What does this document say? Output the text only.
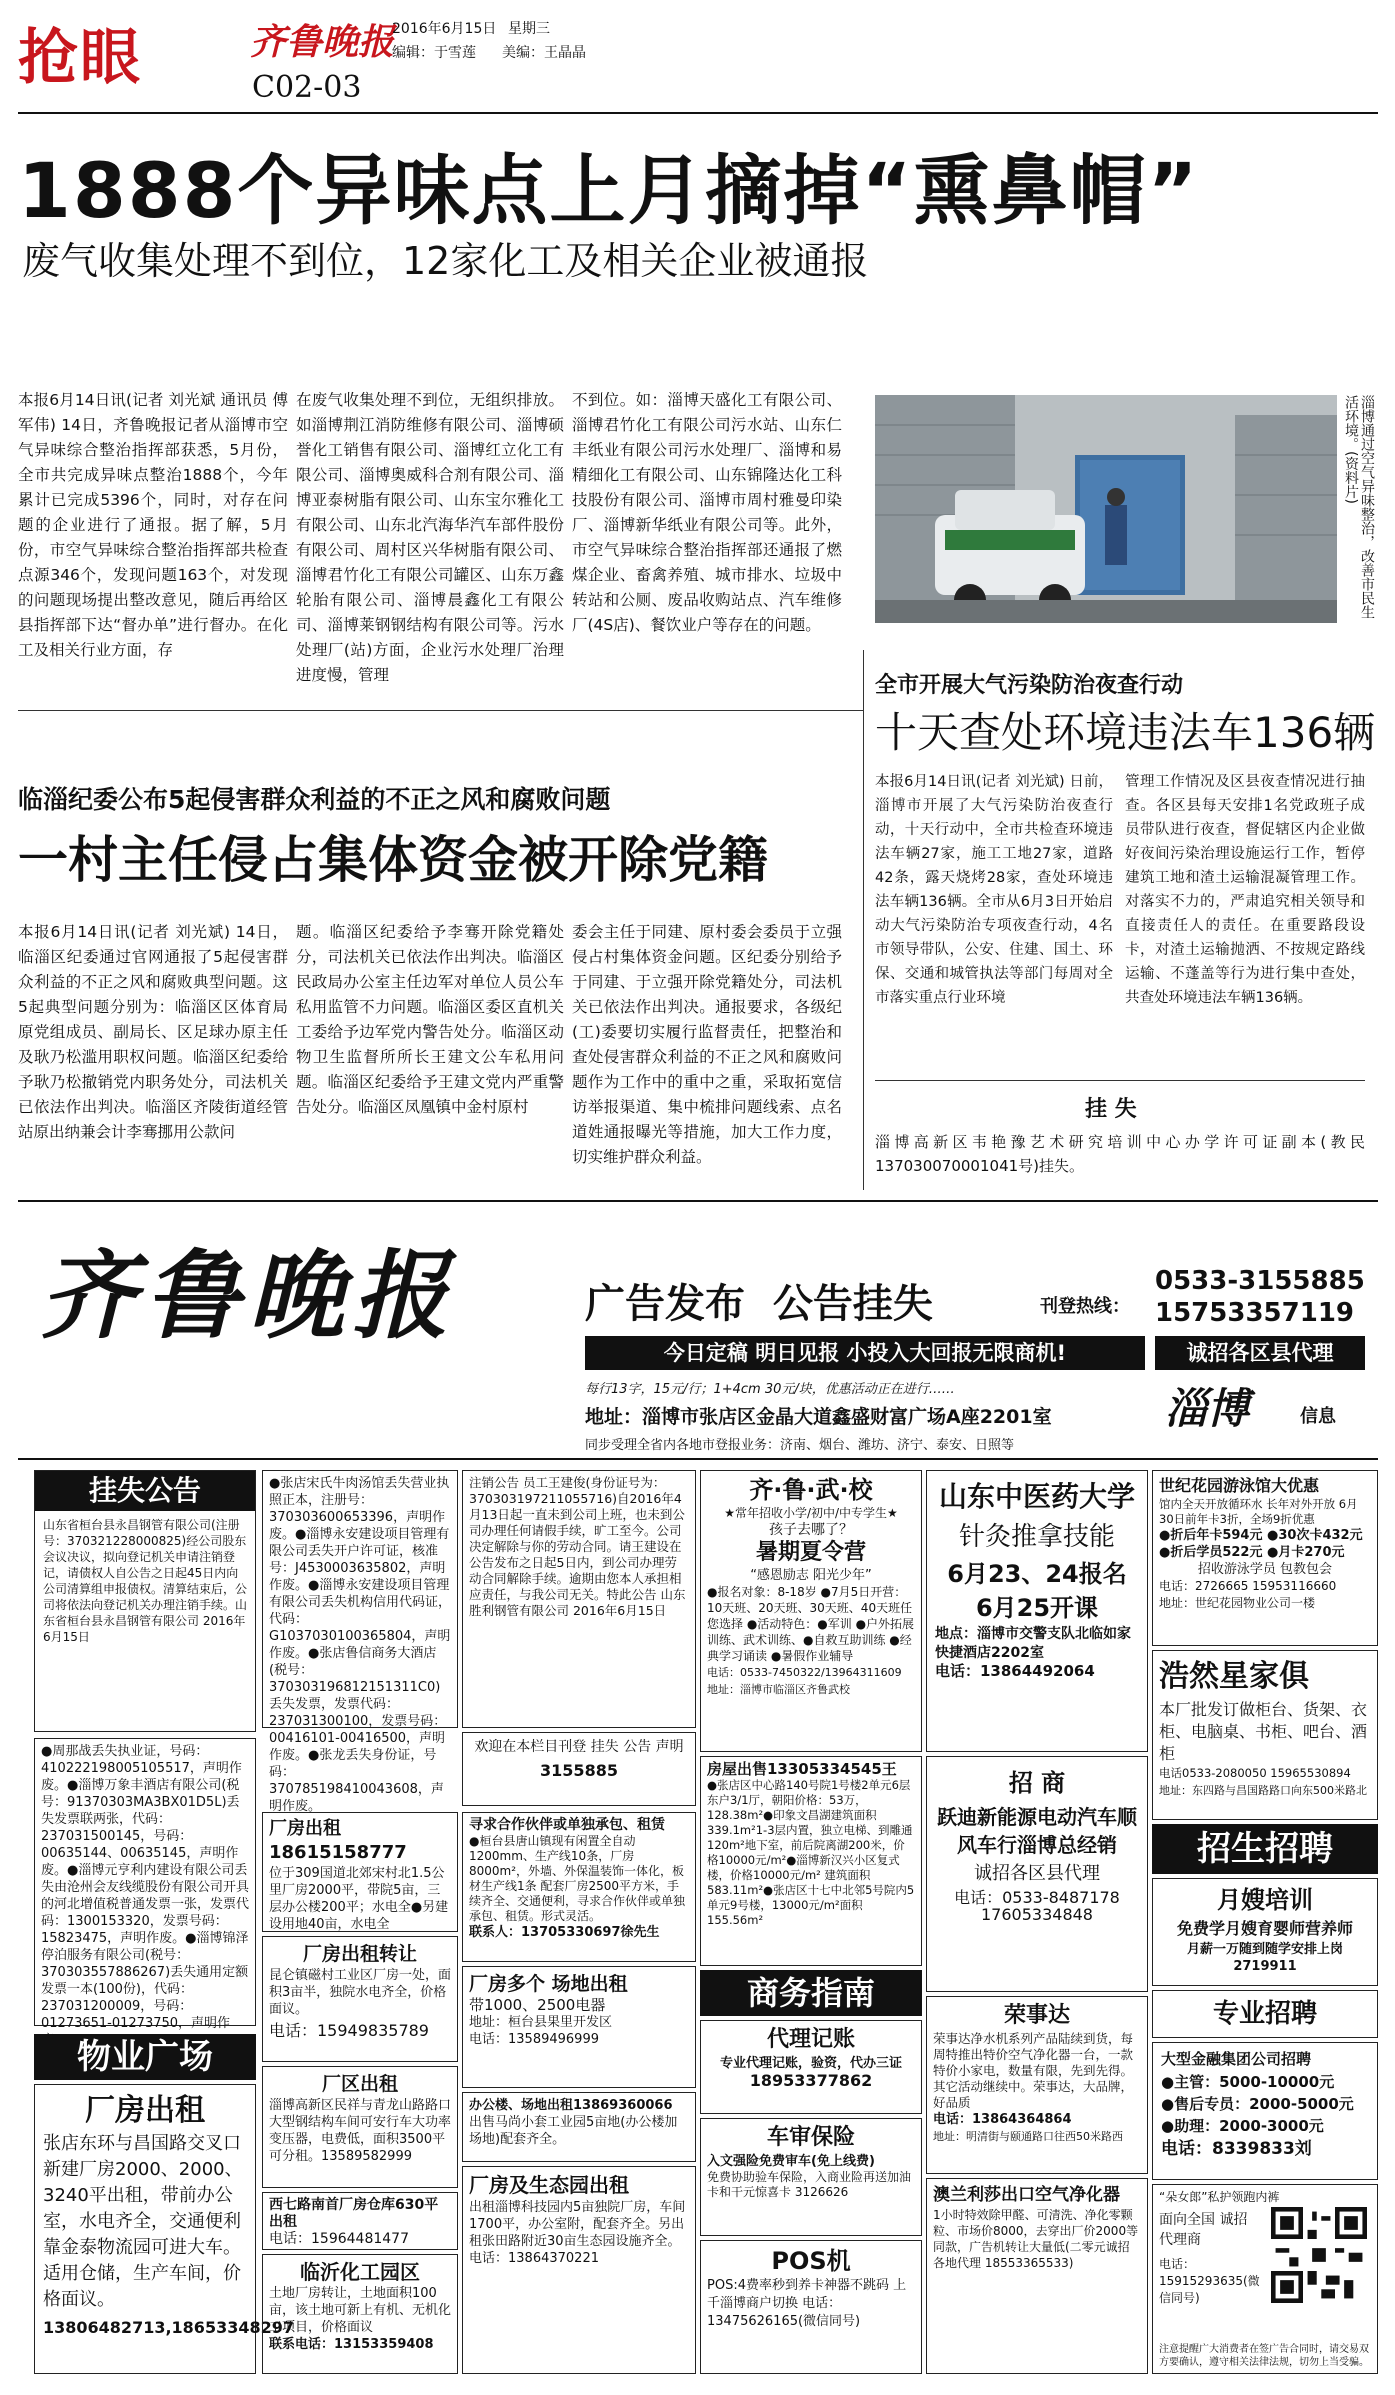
抢眼	齐鲁晚报
2016年6月15日 星期三
编辑：于雪莲 美编：王晶晶
C02-03
1888个异味点上月摘掉“熏鼻帽”
废气收集处理不到位，12家化工及相关企业被通报
本报6月14日讯(记者 刘光斌 通讯员 傅军伟) 14日，齐鲁晚报记者从淄博市空气异味综合整治指挥部获悉，5月份，全市共完成异味点整治1888个，今年累计已完成5396个，同时，对存在问题的企业进行了通报。据了解，5月份，市空气异味综合整治指挥部共检查点源346个，发现问题163个，对发现的问题现场提出整改意见，随后再给区县指挥部下达“督办单”进行督办。在化工及相关行业方面，存
在废气收集处理不到位，无组织排放。如淄博荆江消防维修有限公司、淄博硕誉化工销售有限公司、淄博红立化工有限公司、淄博奥威科合剂有限公司、淄博亚泰树脂有限公司、山东宝尔雅化工有限公司、山东北汽海华汽车部件股份有限公司、周村区兴华树脂有限公司、淄博君竹化工有限公司罐区、山东万鑫轮胎有限公司、淄博晨鑫化工有限公司、淄博莱钢钢结构有限公司等。污水处理厂(站)方面，企业污水处理厂治理进度慢，管理
不到位。如：淄博天盛化工有限公司、淄博君竹化工有限公司污水站、山东仁丰纸业有限公司污水处理厂、淄博和易精细化工有限公司、山东锦隆达化工科技股份有限公司、淄博市周村雅曼印染厂、淄博新华纸业有限公司等。此外，市空气异味综合整治指挥部还通报了燃煤企业、畜禽养殖、城市排水、垃圾中转站和公厕、废品收购站点、汽车维修厂(4S店)、餐饮业户等存在的问题。
淄博通过空气异味整治，改善市民生活环境。(资料片)
全市开展大气污染防治夜查行动
十天查处环境违法车136辆
本报6月14日讯(记者 刘光斌) 日前，淄博市开展了大气污染防治夜查行动，十天行动中，全市共检查环境违法车辆27家，施工工地27家，道路42条，露天烧烤28家，查处环境违法车辆136辆。全市从6月3日开始启动大气污染防治专项夜查行动，4名市领导带队，公安、住建、国土、环保、交通和城管执法等部门每周对全市落实重点行业环境
管理工作情况及区县夜查情况进行抽查。各区县每天安排1名党政班子成员带队进行夜查，督促辖区内企业做好夜间污染治理设施运行工作，暂停建筑工地和渣土运输混凝管理工作。对落实不力的，严肃追究相关领导和直接责任人的责任。在重要路段设卡，对渣土运输抛洒、不按规定路线运输、不蓬盖等行为进行集中查处，共查处环境违法车辆136辆。
挂 失
淄博高新区韦艳豫艺术研究培训中心办学许可证副本(教民137030070001041号)挂失。
临淄纪委公布5起侵害群众利益的不正之风和腐败问题
一村主任侵占集体资金被开除党籍
本报6月14日讯(记者 刘光斌) 14日，临淄区纪委通过官网通报了5起侵害群众利益的不正之风和腐败典型问题。这5起典型问题分别为：临淄区区体育局原党组成员、副局长、区足球办原主任及耿乃松滥用职权问题。临淄区纪委给予耿乃松撤销党内职务处分，司法机关已依法作出判决。临淄区齐陵街道经管站原出纳兼会计李骞挪用公款问
题。临淄区纪委给予李骞开除党籍处分，司法机关已依法作出判决。临淄区民政局办公室主任边军对单位人员公车私用监管不力问题。临淄区委区直机关工委给予边军党内警告处分。临淄区动物卫生监督所所长王建文公车私用问题。临淄区纪委给予王建文党内严重警告处分。临淄区凤凰镇中金村原村
委会主任于同建、原村委会委员于立强侵占村集体资金问题。区纪委分别给予于同建、于立强开除党籍处分，司法机关已依法作出判决。通报要求，各级纪(工)委要切实履行监督责任，把整治和查处侵害群众利益的不正之风和腐败问题作为工作中的重中之重，采取拓宽信访举报渠道、集中梳排问题线索、点名道姓通报曝光等措施，加大工作力度，切实维护群众利益。
齐鲁晚报	广告发布  公告挂失	刊登热线：
0533-3155885
15753357119
今日定稿 明日见报 小投入大回报无限商机!	诚招各区县代理
每行13字，15元/行；1+4cm 30元/块，优惠活动正在进行……
地址：淄博市张店区金晶大道鑫盛财富广场A座2201室	淄博	信息
同步受理全省内各地市登报业务：济南、烟台、潍坊、济宁、泰安、日照等
挂失公告
山东省桓台县永昌钢管有限公司(注册号：370321228000825)经公司股东会议决议，拟向登记机关申请注销登记，请债权人自公告之日起45日内向公司清算组申报债权。清算结束后，公司将依法向登记机关办理注销手续。山东省桓台县永昌钢管有限公司 2016年6月15日
●周那战丢失执业证，号码：410222198005105517，声明作废。●淄博万象丰酒店有限公司(税号：91370303MA3BX01D5L)丢失发票联两张，代码：237031500145，号码：00635144、00635145，声明作废。●淄博元亨利内建设有限公司丢失由沧州会友线缆股份有限公司开具的河北增值税普通发票一张，发票代码：1300153320，发票号码：15823475，声明作废。●淄博锦泽停泊服务有限公司(税号：370303557886267)丢失通用定额发票一本(100份)，代码：237031200009，号码：01273651-01273750，声明作
物业广场
厂房出租
张店东环与昌国路交叉口新建厂房2000、2000、3240平出租，带前办公室，水电齐全，交通便利靠金泰物流园可进大车。适用仓储，生产车间，价格面议。
13806482713,18653348297
●张店宋氏牛肉汤馆丢失营业执照正本，注册号：370303600653396，声明作废。●淄博永安建设项目管理有限公司丢失开户许可证，核准号：J4530003635802，声明作废。●淄博永安建设项目管理有限公司丢失机构信用代码证，代码：G1037030100365804，声明作废。●张店鲁信商务大酒店(税号：370303196812151311C0)丢失发票，发票代码：237031300100，发票号码：00416101-00416500，声明作废。●张龙丢失身份证，号码：370785198410043608，声明作废。
注销公告 员工王建俊(身份证号为：370303197211055716)自2016年4月13日起一直未到公司上班，也未到公司办理任何请假手续，旷工至今。公司决定解除与你的劳动合同。请王建设在公告发布之日起5日内，到公司办理劳动合同解除手续。逾期由您本人承担相应责任，与我公司无关。特此公告 山东胜利钢管有限公司 2016年6月15日
欢迎在本栏目刊登 挂失 公告 声明
3155885
厂房出租 18615158777
位于309国道北郊宋村北1.5公里厂房2000平，带院5亩，三层办公楼200平；水电全●另建设用地40亩，水电全
厂房出租转让
昆仑镇磁村工业区厂房一处，面积3亩半，独院水电齐全，价格面议。
电话：15949835789
厂区出租
淄博高新区民祥与青龙山路路口大型钢结构车间可安行车大功率变压器，电费低，面积3500平可分租。13589582999
西七路南首厂房仓库630平出租
电话：15964481477
临沂化工园区
土地厂房转让，土地面积100亩，该土地可新上有机、无机化工项目，价格面议
联系电话：13153359408
寻求合作伙伴或单独承包、租赁
●桓台县唐山镇现有闲置全自动1200mm、生产线10条，厂房8000m²，外墙、外保温装饰一体化，板材生产线1条 配套厂房2500平方米，手续齐全、交通便利，寻求合作伙伴或单独承包、租赁。形式灵活。
联系人：13705330697徐先生
厂房多个 场地出租
带1000、2500电器
地址：桓台县果里开发区
电话：13589496999
办公楼、场地出租13869360066
出售马尚小套工业园5亩地(办公楼加场地)配套齐全。
厂房及生态园出租
出租淄博科技园内5亩独院厂房，车间1700平，办公室附，配套齐全。另出租张田路附近30亩生态园设施齐全。电话：13864370221
齐·鲁·武·校
★常年招收小学/初中/中专学生★
孩子去哪了？
暑期夏令营
“感恩励志 阳光少年”
●报名对象：8-18岁 ●7月5日开营：10天班、20天班、30天班、40天班任您选择 ●活动特色：●军训 ●户外拓展训练、武术训练、●自救互助训练 ●经典学习诵读 ●暑假作业辅导
电话：0533-7450322/13964311609
地址：淄博市临淄区齐鲁武校
房屋出售13305334545王
●张店区中心路140号院1号楼2单元6层东户3/1厅，朝阳价格：53万，128.38m²●印象文昌湖建筑面积339.1m²1-3层内置，独立电梯、到雕通120m²地下室，前后院离湖200米，价格10000元/m²●淄博新汉兴小区复式楼，价格10000元/m² 建筑面积583.11m²●张店区十七中北邻5号院内5单元9号楼，13000元/m²面积155.56m²
商务指南
代理记账
专业代理记账，验资，代办三证
18953377862
车审保险
入文强险免费审车(免上线费)
免费协助验车保险，入商业险再送加油卡和干元惊喜卡 3126626
POS机
POS:4费率秒到养卡神器不跳码 上千淄博商户切换 电话：13475626165(微信同号)
山东中医药大学
针灸推拿技能
6月23、24报名
6月25开课
地点：淄博市交警支队北临如家快捷酒店2202室
电话：13864492064
招 商
跃迪新能源电动汽车顺风车行淄博总经销
诚招各区县代理
电话：0533-8487178
17605334848
荣事达
荣事达净水机系列产品陆续到货，每周特推出特价空气净化器一台，一款特价小家电，数量有限，先到先得。其它活动继续中。荣事达，大品牌，好品质
电话：13864364864
地址：明清街与颐通路口往西50米路西
澳兰利莎出口空气净化器
1小时特效除甲醛、可清洗、净化零颗粒、市场价8000，去穿出厂价2000等同款，广告机转让大量低(二零元诚招各地代理 18553365533)
世纪花园游泳馆大优惠
馆内全天开放循环水 长年对外开放 6月30日前年卡3折，全场9折优惠
●折后年卡594元 ●30次卡432元
●折后学员522元 ●月卡270元
招收游泳学员 包教包会
电话：2726665 15953116660
地址：世纪花园物业公司一楼
浩然星家俱
本厂批发订做柜台、货架、衣柜、电脑桌、书柜、吧台、酒柜
电话0533-2080050 15965530894
地址：东四路与昌国路路口向东500米路北
招生招聘
月嫂培训
免费学月嫂育婴师营养师
月薪一万随到随学安排上岗2719911
专业招聘
大型金融集团公司招聘
●主管：5000-10000元
●售后专员：2000-5000元
●助理：2000-3000元
电话：8339833刘
“朵女郎”私护领跑内裤
面向全国 诚招代理商
电话：15915293635(微信同号)
注意提醒广大消费者在签广告合同时，请交易双方要确认，遵守相关法律法规，切勿上当受骗。
